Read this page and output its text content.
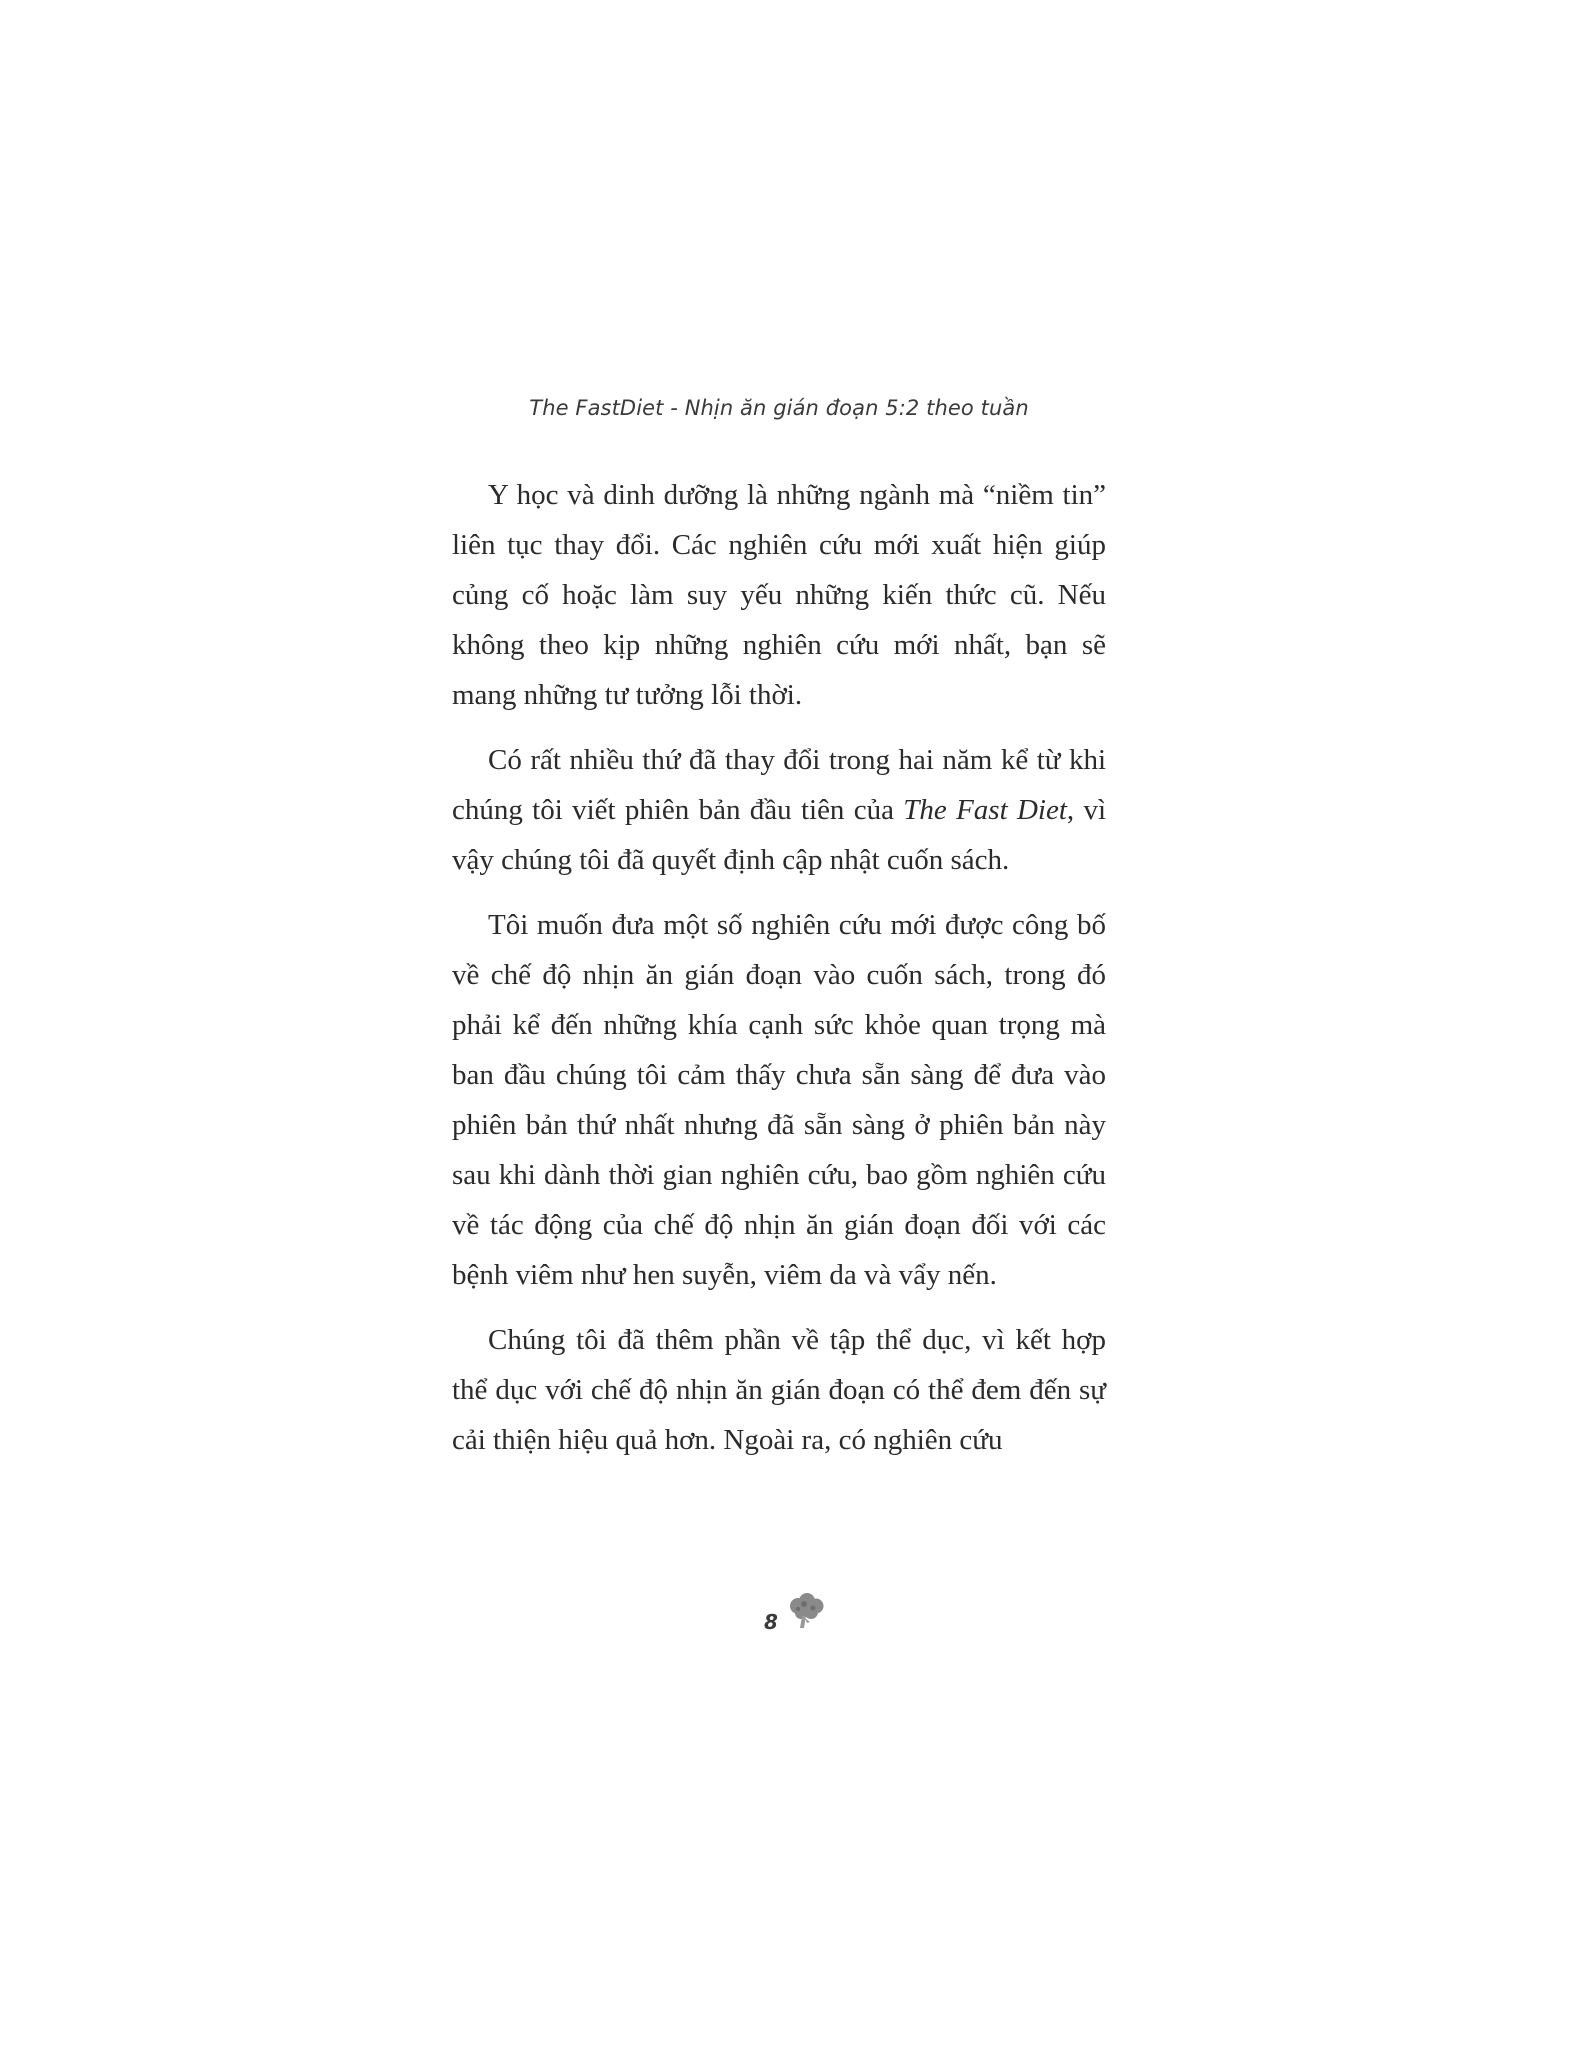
The FastDiet - Nhịn ăn gián đoạn 5:2 theo tuần

Y học và dinh dưỡng là những ngành mà “niềm tin” liên tục thay đổi. Các nghiên cứu mới xuất hiện giúp củng cố hoặc làm suy yếu những kiến thức cũ. Nếu không theo kịp những nghiên cứu mới nhất, bạn sẽ mang những tư tưởng lỗi thời.

Có rất nhiều thứ đã thay đổi trong hai năm kể từ khi chúng tôi viết phiên bản đầu tiên của The Fast Diet, vì vậy chúng tôi đã quyết định cập nhật cuốn sách.

Tôi muốn đưa một số nghiên cứu mới được công bố về chế độ nhịn ăn gián đoạn vào cuốn sách, trong đó phải kể đến những khía cạnh sức khỏe quan trọng mà ban đầu chúng tôi cảm thấy chưa sẵn sàng để đưa vào phiên bản thứ nhất nhưng đã sẵn sàng ở phiên bản này sau khi dành thời gian nghiên cứu, bao gồm nghiên cứu về tác động của chế độ nhịn ăn gián đoạn đối với các bệnh viêm như hen suyễn, viêm da và vẩy nến.

Chúng tôi đã thêm phần về tập thể dục, vì kết hợp thể dục với chế độ nhịn ăn gián đoạn có thể đem đến sự cải thiện hiệu quả hơn. Ngoài ra, có nghiên cứu

8
